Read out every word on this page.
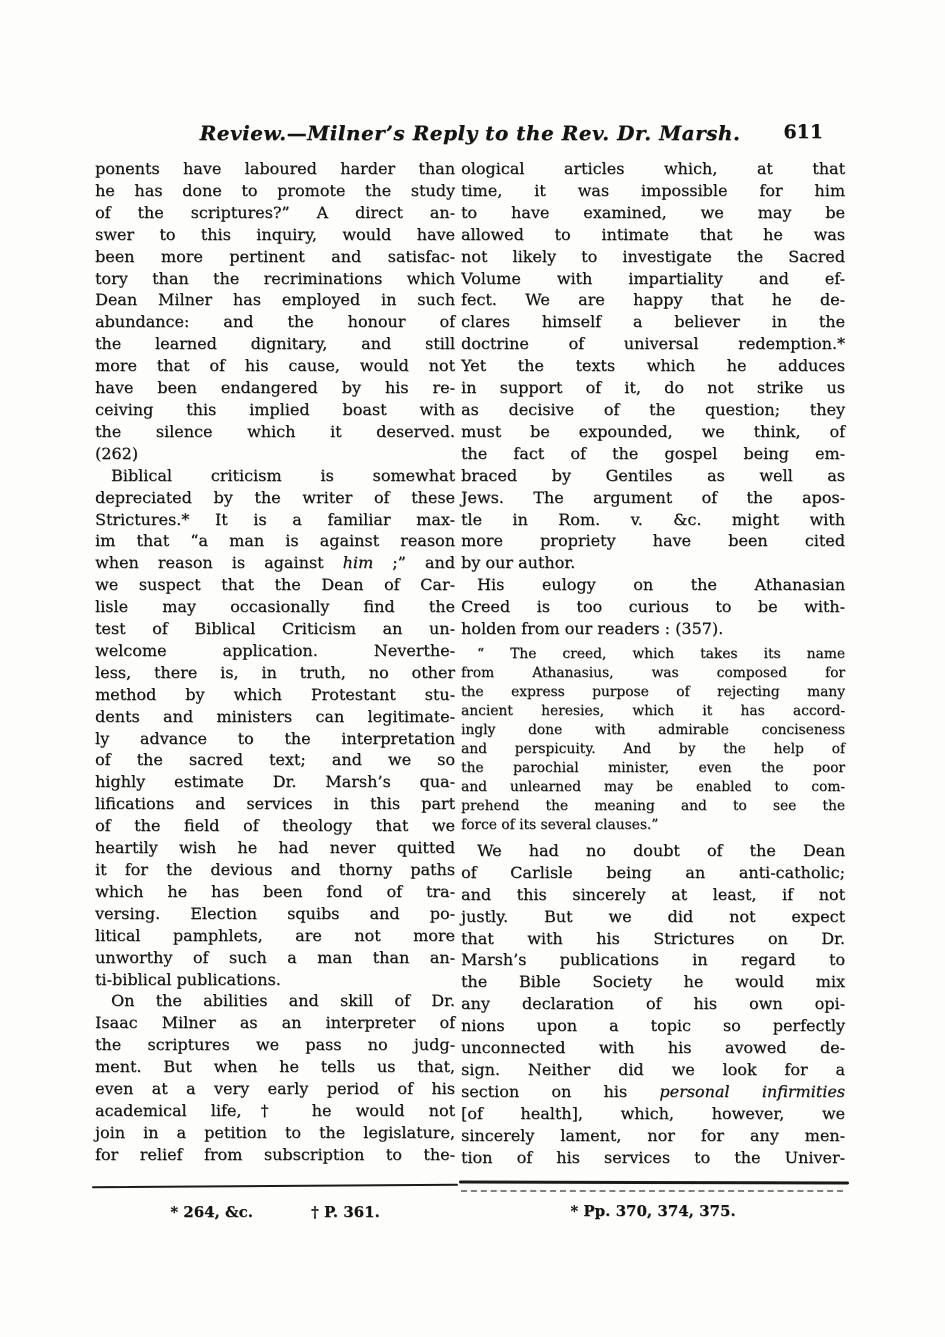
Review.—Milner’s Reply to the Rev. Dr. Marsh.	611
ponents have laboured harder than
he has done to promote the study
of the scriptures?” A direct an-
swer to this inquiry, would have
been more pertinent and satisfac-
tory than the recriminations which
Dean Milner has employed in such
abundance: and the honour of
the learned dignitary, and still
more that of his cause, would not
have been endangered by his re-
ceiving this implied boast with
the silence which it deserved.
(262)
Biblical criticism is somewhat
depreciated by the writer of these
Strictures.* It is a familiar max-
im that “a man is against reason
when reason is against him ;” and
we suspect that the Dean of Car-
lisle may occasionally find the
test of Biblical Criticism an un-
welcome application. Neverthe-
less, there is, in truth, no other
method by which Protestant stu-
dents and ministers can legitimate-
ly advance to the interpretation
of the sacred text; and we so
highly estimate Dr. Marsh’s qua-
lifications and services in this part
of the field of theology that we
heartily wish he had never quitted
it for the devious and thorny paths
which he has been fond of tra-
versing. Election squibs and po-
litical pamphlets, are not more
unworthy of such a man than an-
ti-biblical publications.
On the abilities and skill of Dr.
Isaac Milner as an interpreter of
the scriptures we pass no judg-
ment. But when he tells us that,
even at a very early period of his
academical life,† he would not
join in a petition to the legislature,
for relief from subscription to the-
ological articles which, at that
time, it was impossible for him
to have examined, we may be
allowed to intimate that he was
not likely to investigate the Sacred
Volume with impartiality and ef-
fect. We are happy that he de-
clares himself a believer in the
doctrine of universal redemption.*
Yet the texts which he adduces
in support of it, do not strike us
as decisive of the question; they
must be expounded, we think, of
the fact of the gospel being em-
braced by Gentiles as well as
Jews. The argument of the apos-
tle in Rom. v. &c. might with
more propriety have been cited
by our author.
His eulogy on the Athanasian
Creed is too curious to be with-
holden from our readers : (357).
“ The creed, which takes its name
from Athanasius, was composed for
the express purpose of rejecting many
ancient heresies, which it has accord-
ingly done with admirable conciseness
and perspicuity. And by the help of
the parochial minister, even the poor
and unlearned may be enabled to com-
prehend the meaning and to see the
force of its several clauses.”
We had no doubt of the Dean
of Carlisle being an anti-catholic;
and this sincerely at least, if not
justly. But we did not expect
that with his Strictures on Dr.
Marsh’s publications in regard to
the Bible Society he would mix
any declaration of his own opi-
nions upon a topic so perfectly
unconnected with his avowed de-
sign. Neither did we look for a
section on his personal infirmities
[of health], which, however, we
sincerely lament, nor for any men-
tion of his services to the Univer-
* 264, &c.	† P. 361.	* Pp. 370, 374, 375.
